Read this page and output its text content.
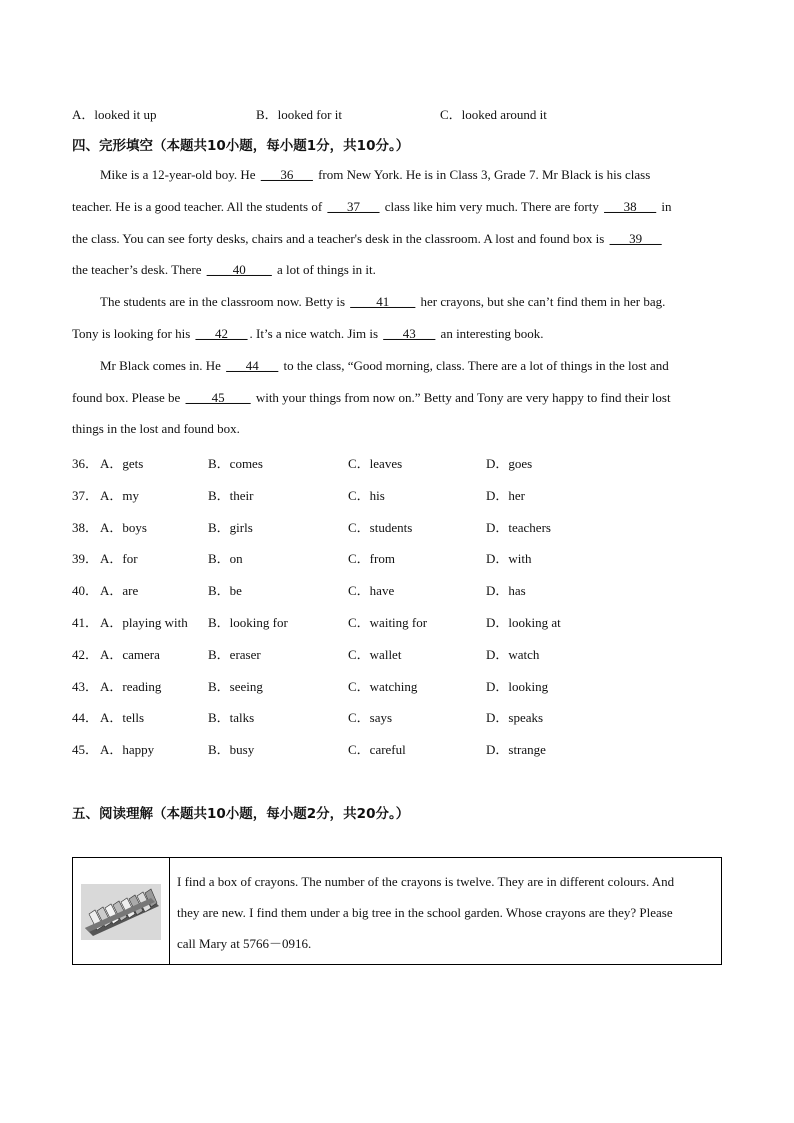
A．looked it up	B．looked for it	C．looked around it
四、完形填空（本题共10小题，每小题1分，共10分。）
Mike is a 12-year-old boy. He ___36___ from New York. He is in Class 3, Grade 7. Mr Black is his class
teacher. He is a good teacher. All the students of ___37___ class like him very much. There are forty ___38___ in
the class. You can see forty desks, chairs and a teacher's desk in the classroom. A lost and found box is ___39___
the teacher’s desk. There ____40____ a lot of things in it.
The students are in the classroom now. Betty is ____41____ her crayons, but she can’t find them in her bag.
Tony is looking for his ___42___ . It’s a nice watch. Jim is ___43___ an interesting book.
Mr Black comes in. He ___44___ to the class, “Good morning, class. There are a lot of things in the lost and
found box. Please be ____45____ with your things from now on.” Betty and Tony are very happy to find their lost
things in the lost and found box.
36． A．gets	B．comes	C．leaves	D．goes
37． A．my	B．their	C．his	D．her
38． A．boys	B．girls	C．students	D．teachers
39． A．for	B．on	C．from	D．with
40． A．are	B．be	C．have	D．has
41． A．playing with B．looking for	C．waiting for	D．looking at
42． A．camera	B．eraser	C．wallet	D．watch
43． A．reading	B．seeing	C．watching	D．looking
44． A．tells	B．talks	C．says	D．speaks
45． A．happy	B．busy	C．careful	D．strange
五、阅读理解（本题共10小题，每小题2分，共20分。）
I find a box of crayons. The number of the crayons is twelve. They are in different colours. And
they are new. I find them under a big tree in the school garden. Whose crayons are they? Please
call Mary at 5766－0916.
